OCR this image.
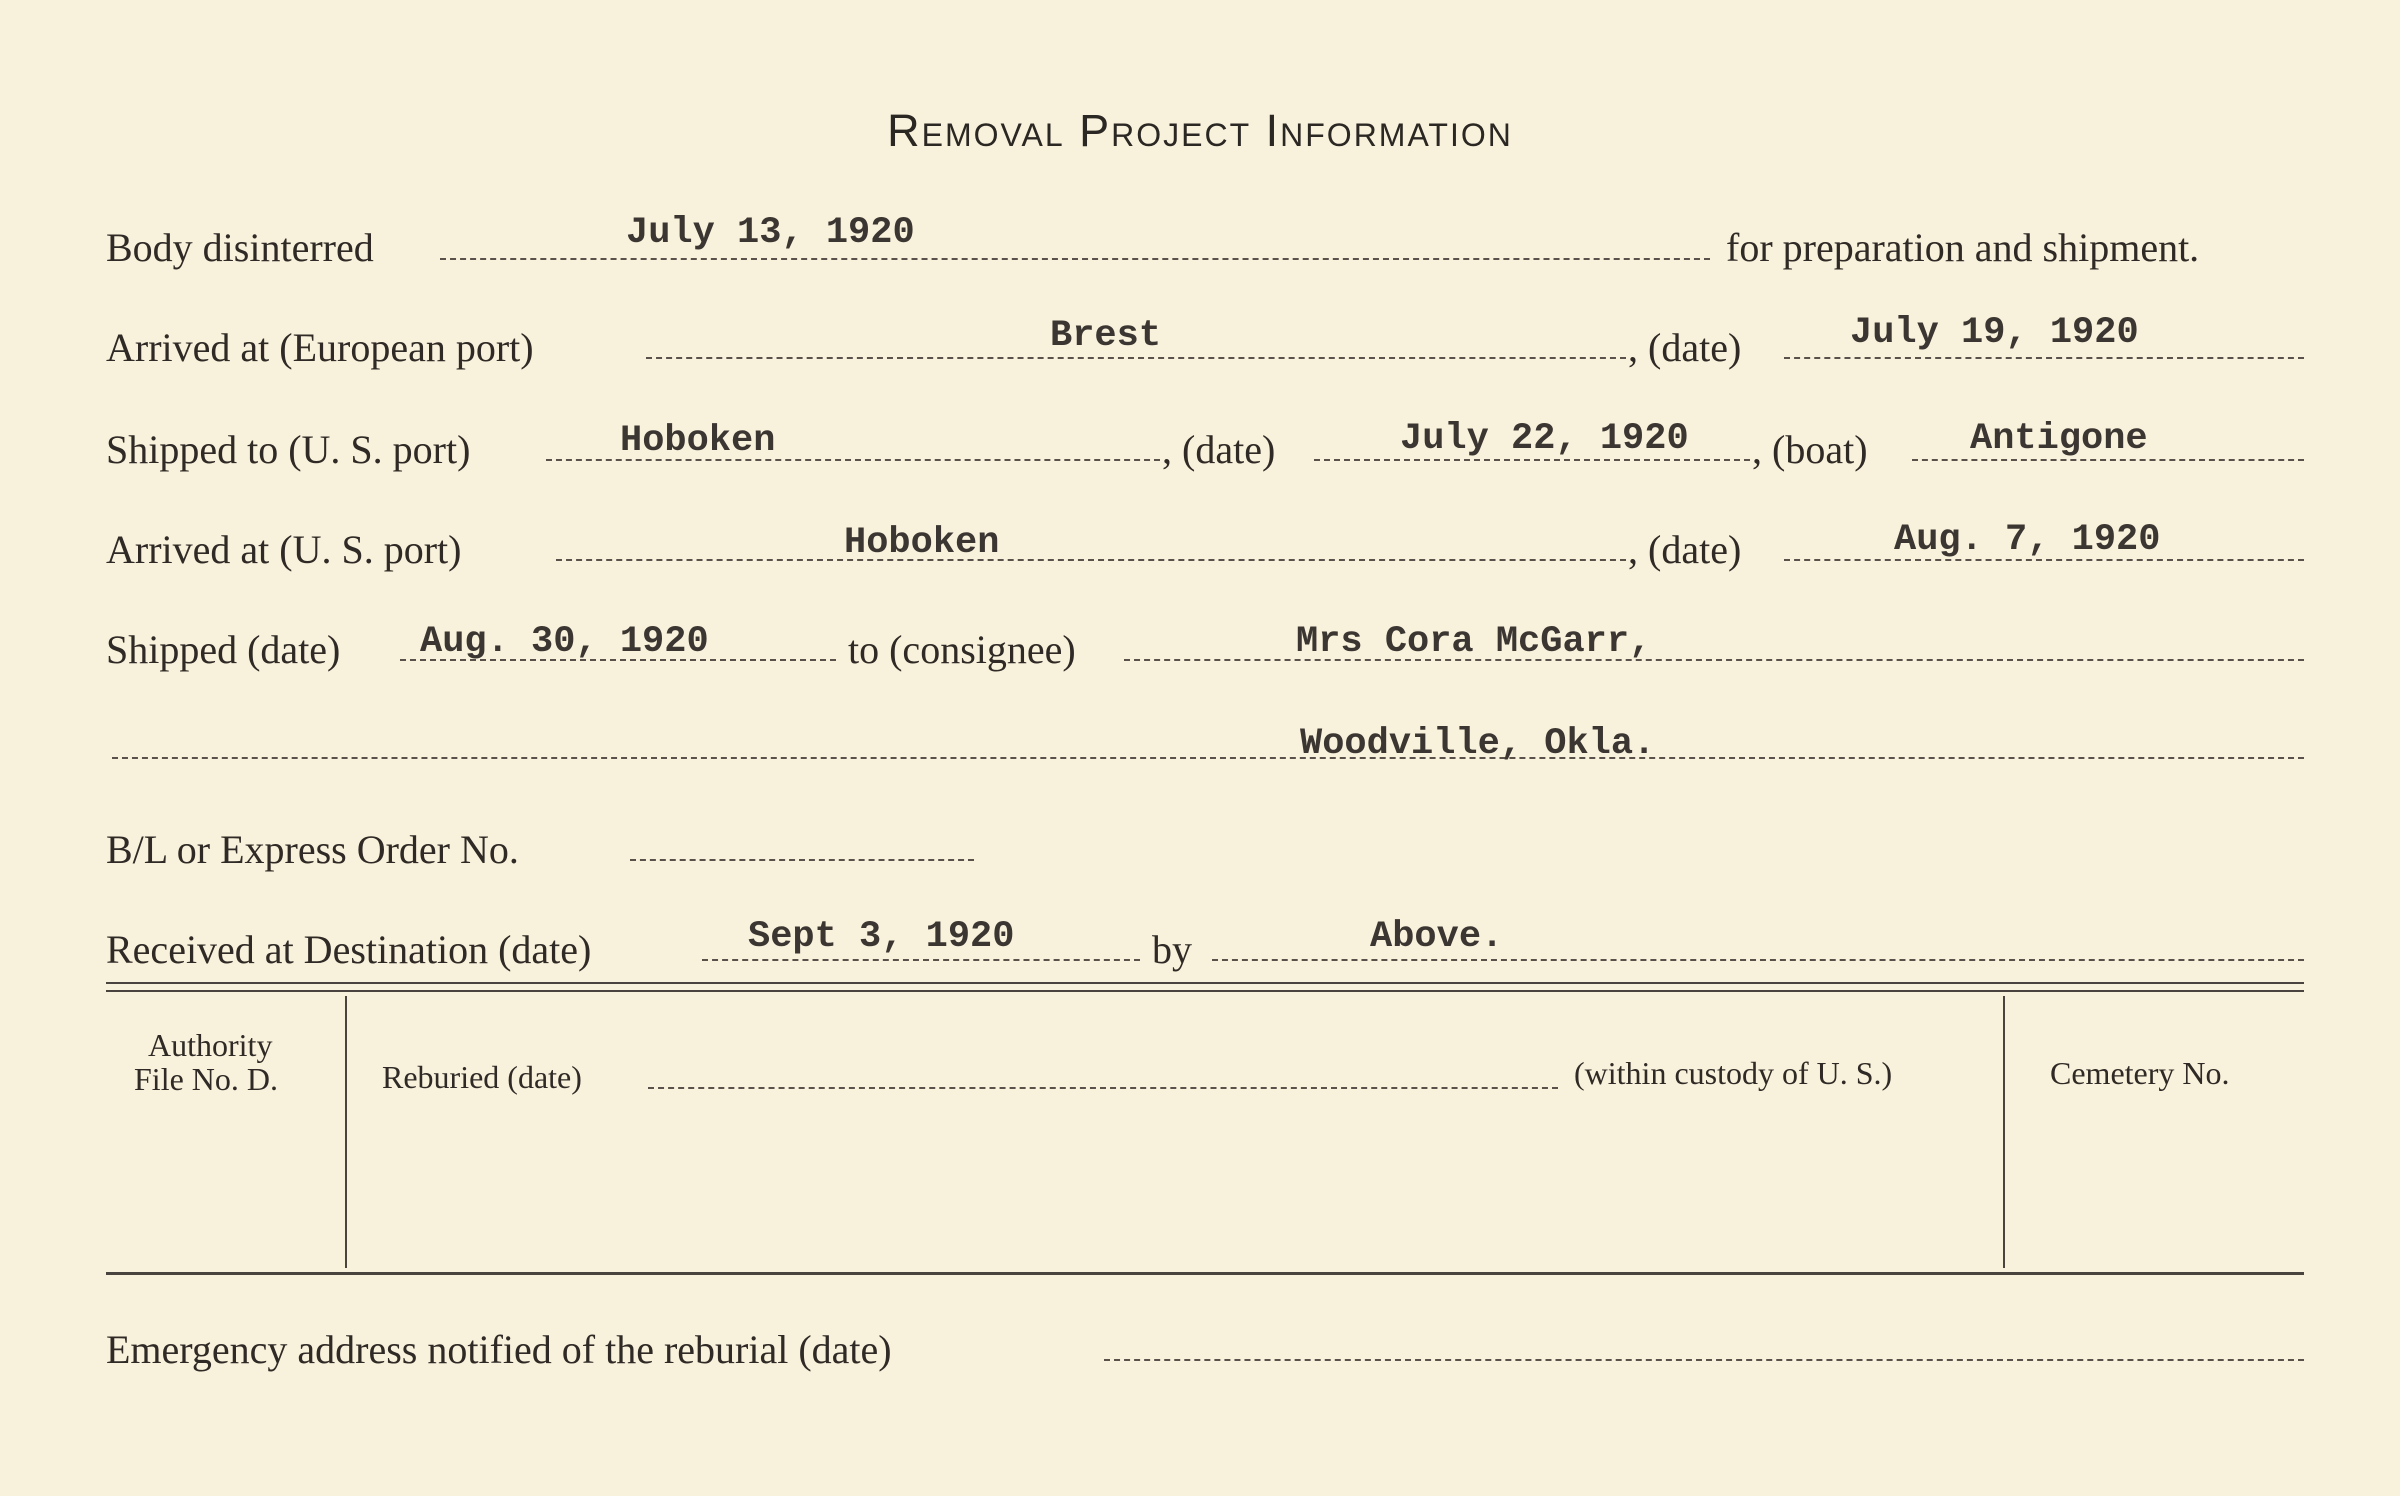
Removal Project Information
Body disinterred	July 13, 1920	for preparation and shipment.
Arrived at (European port)	Brest	, (date)	July 19, 1920
Shipped to (U. S. port)	Hoboken	, (date)	July 22, 1920 , (boat)	Antigone
Arrived at (U. S. port)	Hoboken	, (date)	Aug. 7, 1920
Shipped (date) Aug. 30, 1920	to (consignee)	Mrs Cora McGarr,
Woodville, Okla.
B/L or Express Order No.
Received at Destination (date)	Sept 3, 1920	by	Above.
Authority
File No. D.	Reburied (date)	(within custody of U. S.)	Cemetery No.
Emergency address notified of the reburial (date)
